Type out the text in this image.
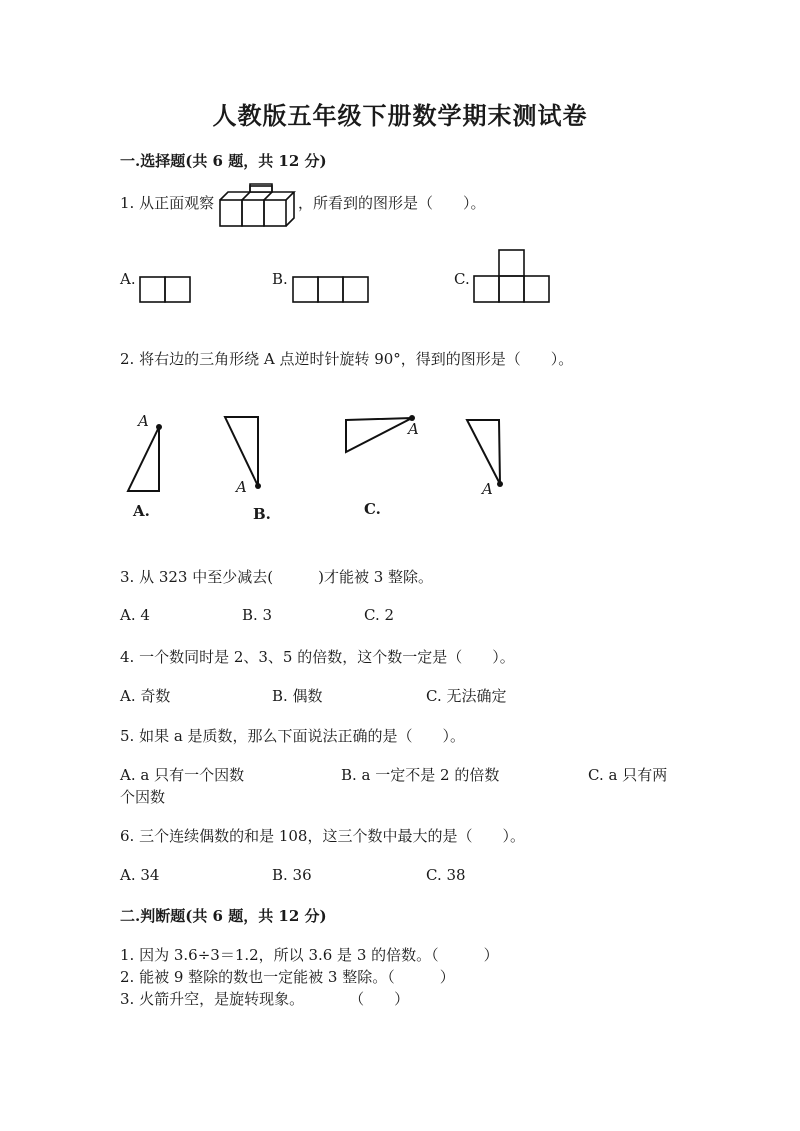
人教版五年级下册数学期末测试卷
一.选择题(共 6 题，共 12 分)
1. 从正面观察	，所看到的图形是（　　）。
A.	B.	C.
2. 将右边的三角形绕 A 点逆时针旋转 90°，得到的图形是（　　）。
A
A.
A
B.
A
C.
A
3. 从 323 中至少减去(　　　)才能被 3 整除。
A. 4	B. 3	C. 2
4. 一个数同时是 2、3、5 的倍数，这个数一定是（　　）。
A. 奇数	B. 偶数	C. 无法确定
5. 如果 a 是质数，那么下面说法正确的是（　　）。
A. a 只有一个因数	B. a 一定不是 2 的倍数	C. a 只有两
个因数
6. 三个连续偶数的和是 108，这三个数中最大的是（　　）。
A. 34	B. 36	C. 38
二.判断题(共 6 题，共 12 分)
1. 因为 3.6÷3＝1.2，所以 3.6 是 3 的倍数。（　　　）
2. 能被 9 整除的数也一定能被 3 整除。（　　　）
3. 火箭升空，是旋转现象。　　　　（　　）
